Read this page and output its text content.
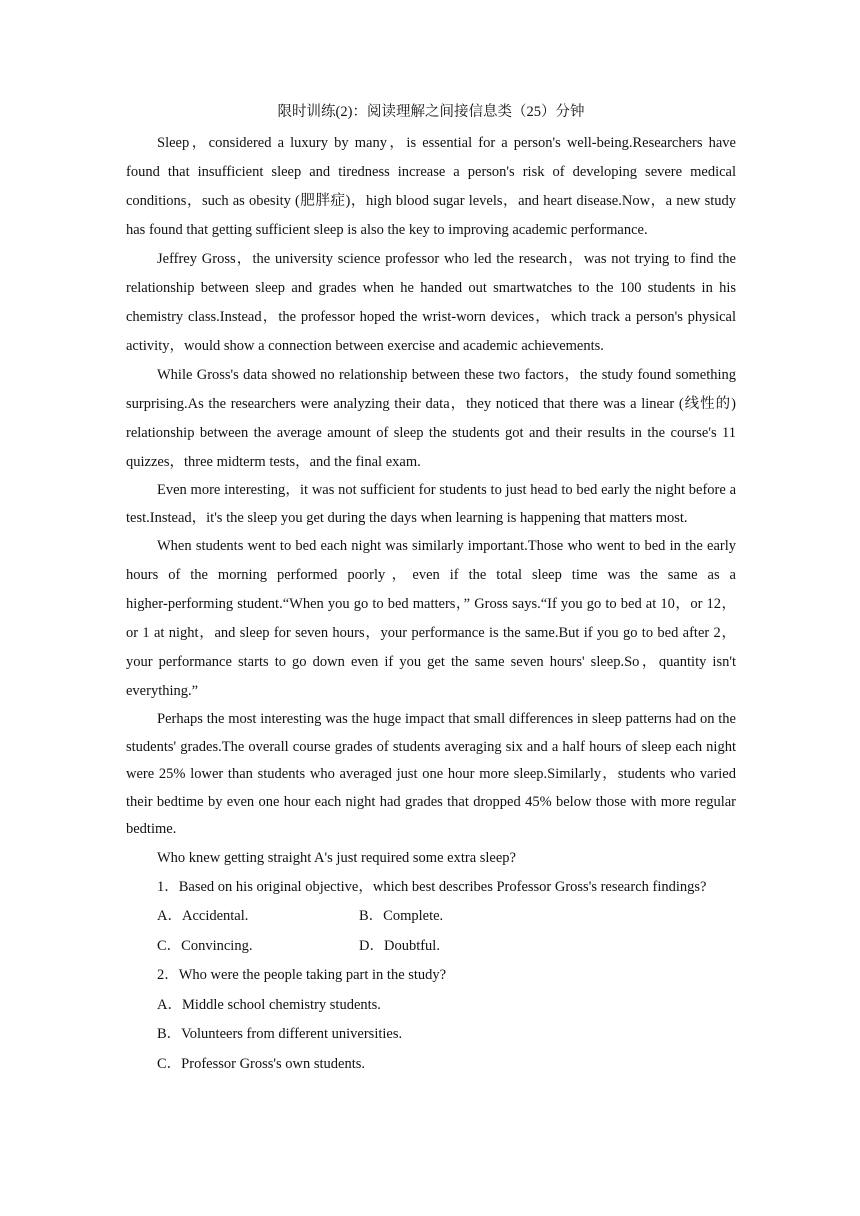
限时训练(2)：阅读理解之间接信息类（25）分钟

Sleep，considered a luxury by many，is essential for a person's well‑being.Researchers have found that insufficient sleep and tiredness increase a person's risk of developing severe medical conditions，such as obesity (肥胖症)，high blood sugar levels，and heart disease.Now，a new study has found that getting sufficient sleep is also the key to improving academic performance.

Jeffrey Gross，the university science professor who led the research，was not trying to find the relationship between sleep and grades when he handed out smartwatches to the 100 students in his chemistry class.Instead，the professor hoped the wrist‑worn devices，which track a person's physical activity，would show a connection between exercise and academic achievements.

While Gross's data showed no relationship between these two factors，the study found something surprising.As the researchers were analyzing their data，they noticed that there was a linear (线性的) relationship between the average amount of sleep the students got and their results in the course's 11 quizzes，three midterm tests，and the final exam.

Even more interesting，it was not sufficient for students to just head to bed early the night before a test.Instead，it's the sleep you get during the days when learning is happening that matters most.

When students went to bed each night was similarly important.Those who went to bed in the early hours of the morning performed poorly，even if the total sleep time was the same as a higher‑performing student.“When you go to bed matters，” Gross says.“If you go to bed at 10，or 12，or 1 at night，and sleep for seven hours，your performance is the same.But if you go to bed after 2，your performance starts to go down even if you get the same seven hours' sleep.So，quantity isn't everything.”

Perhaps the most interesting was the huge impact that small differences in sleep patterns had on the students' grades.The overall course grades of students averaging six and a half hours of sleep each night were 25% lower than students who averaged just one hour more sleep.Similarly，students who varied their bedtime by even one hour each night had grades that dropped 45% below those with more regular bedtime.

Who knew getting straight A's just required some extra sleep?

1．Based on his original objective，which best describes Professor Gross's research findings?
A．Accidental.	B．Complete.
C．Convincing.	D．Doubtful.
2．Who were the people taking part in the study?
A．Middle school chemistry students.
B．Volunteers from different universities.
C．Professor Gross's own students.
